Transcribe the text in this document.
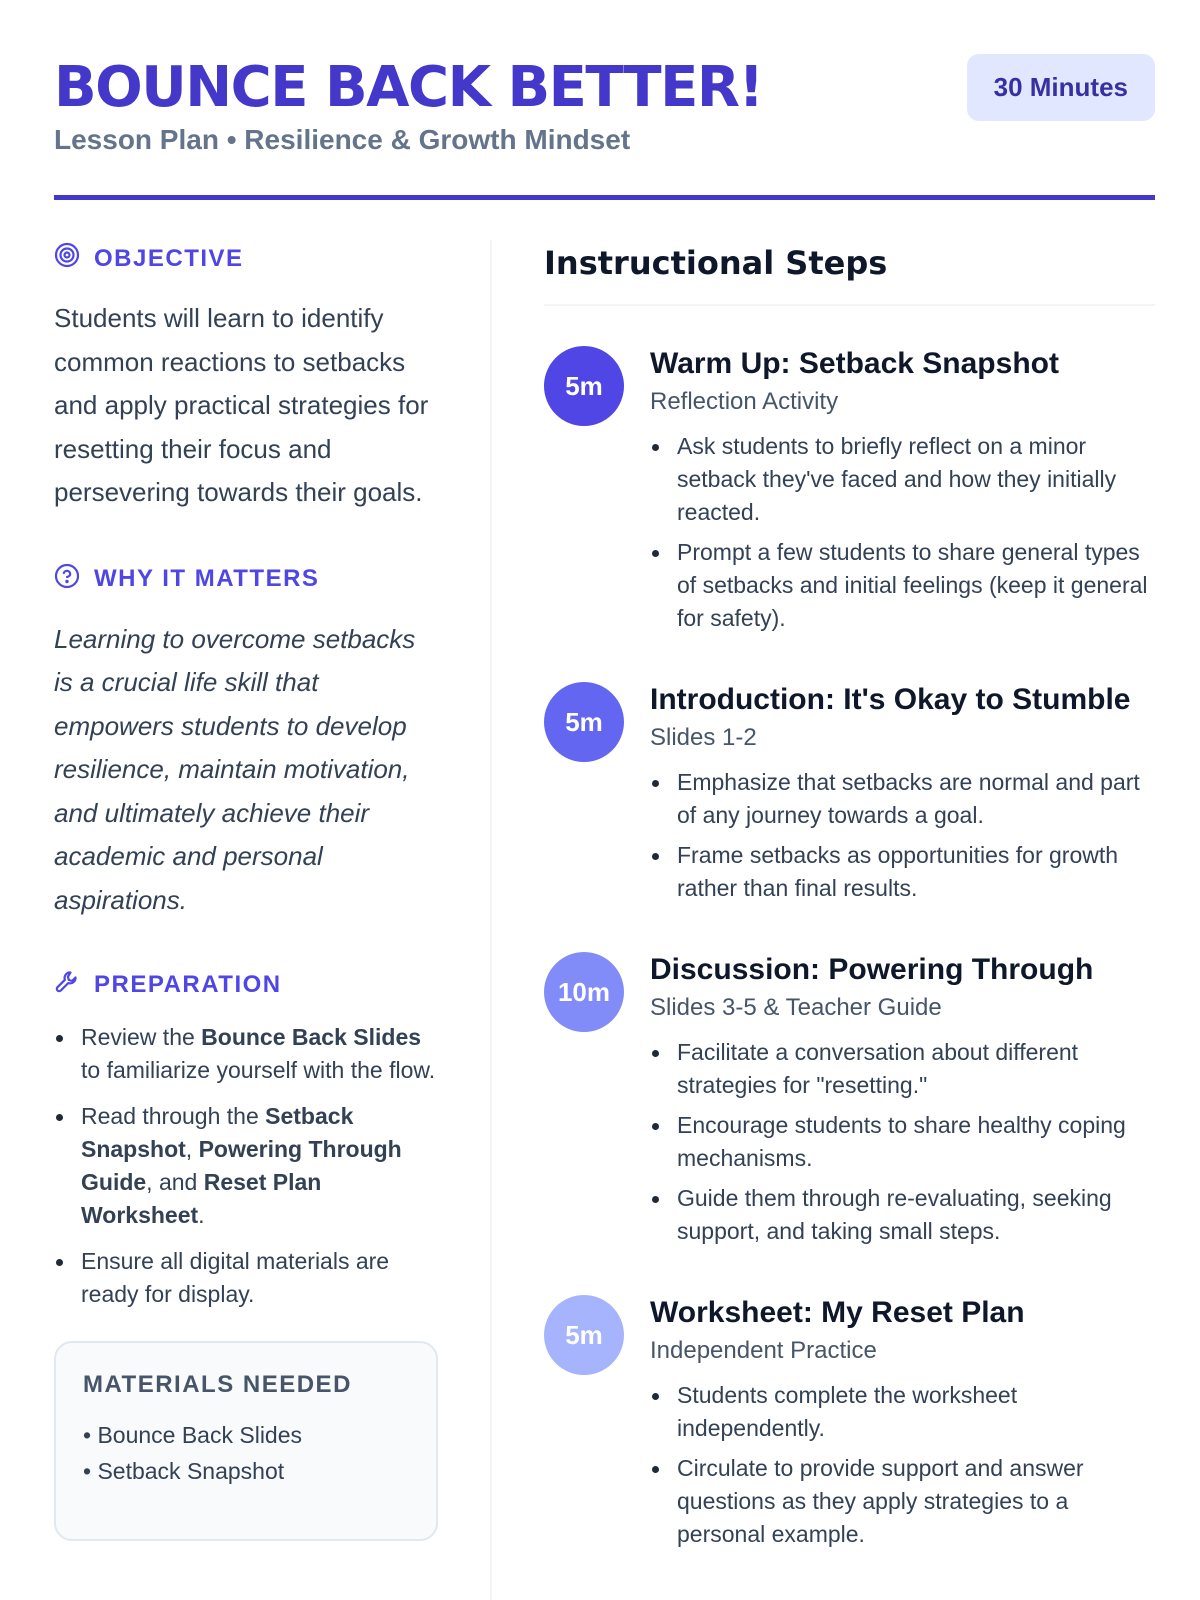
BOUNCE BACK BETTER!
Lesson Plan • Resilience & Growth Mindset
30 Minutes
OBJECTIVE

Students will learn to identify common reactions to setbacks and apply practical strategies for resetting their focus and persevering towards their goals.

WHY IT MATTERS

Learning to overcome setbacks is a crucial life skill that empowers students to develop resilience, maintain motivation, and ultimately achieve their academic and personal aspirations.

PREPARATION
Review the Bounce Back Slides to familiarize yourself with the flow.
Read through the Setback Snapshot, Powering Through Guide, and Reset Plan Worksheet.
Ensure all digital materials are ready for display.
MATERIALS NEEDED
• Bounce Back Slides
• Setback Snapshot
Instructional Steps
5m
Warm Up: Setback Snapshot
Reflection Activity
Ask students to briefly reflect on a minor setback they've faced and how they initially reacted.
Prompt a few students to share general types of setbacks and initial feelings (keep it general for safety).
5m
Introduction: It's Okay to Stumble
Slides 1-2
Emphasize that setbacks are normal and part of any journey towards a goal.
Frame setbacks as opportunities for growth rather than final results.
10m
Discussion: Powering Through
Slides 3-5 & Teacher Guide
Facilitate a conversation about different strategies for "resetting."
Encourage students to share healthy coping mechanisms.
Guide them through re-evaluating, seeking support, and taking small steps.
5m
Worksheet: My Reset Plan
Independent Practice
Students complete the worksheet independently.
Circulate to provide support and answer questions as they apply strategies to a personal example.
